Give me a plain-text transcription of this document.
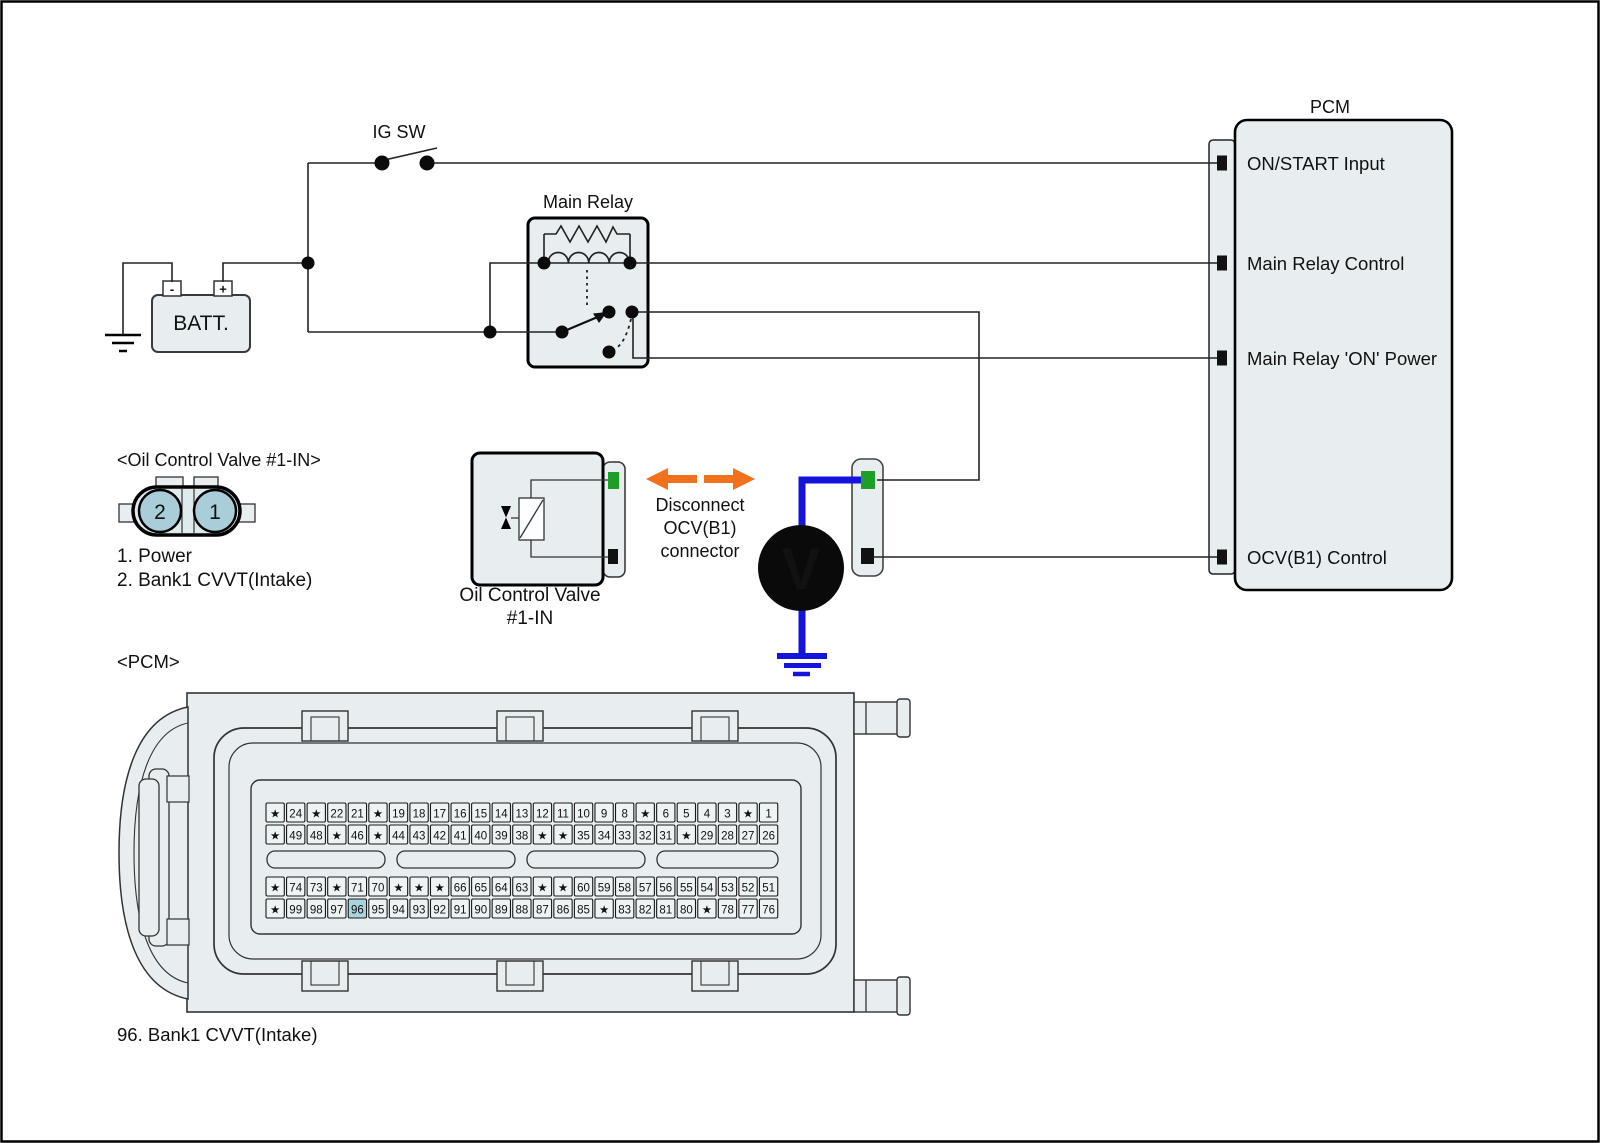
PCM
-	+
BATT.
Main Relay
IG SW
ON/START Input
Main Relay Control
Main Relay 'ON' Power
OCV(B1) Control
<Oil Control Valve #1-IN>
2 1
1. Power
2. Bank1 CVVT(Intake)
Oil Control Valve
#1-IN
Disconnect
OCV(B1)
connector V
<PCM>
★ 24 ★ 22 21 ★ 19 18 17 16 15 14 13 12 11 10 9 8 ★ 6 5 4 3 ★ 1
★ 49 48 ★ 46 ★ 44 43 42 41 40 39 38 ★ ★ 35 34 33 32 31 ★ 29 28 27 26
★ 74 73 ★ 71 70 ★ ★ ★ 66 65 64 63 ★ ★ 60 59 58 57 56 55 54 53 52 51
★ 99 98 97 96 95 94 93 92 91 90 89 88 87 86 85 ★ 83 82 81 80 ★ 78 77 76
96. Bank1 CVVT(Intake)
